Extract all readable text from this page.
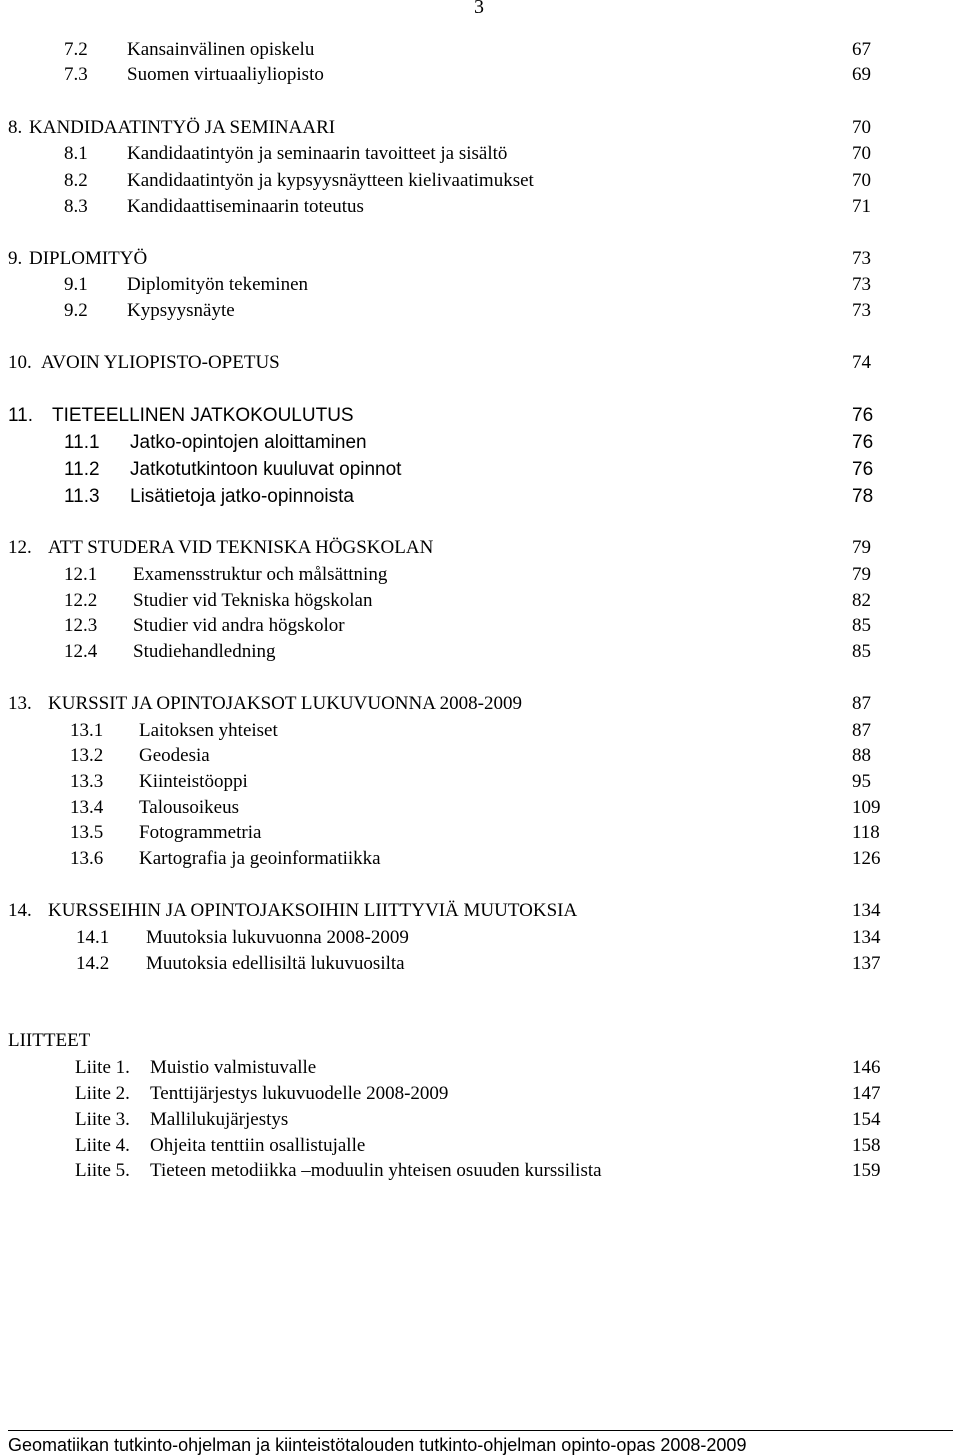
3
7.2 Kansainvälinen opiskelu	67
7.3 Suomen virtuaaliyliopisto	69
8. KANDIDAATINTYÖ JA SEMINAARI	70
8.1 Kandidaatintyön ja seminaarin tavoitteet ja sisältö	70
8.2 Kandidaatintyön ja kypsyysnäytteen kielivaatimukset	70
8.3 Kandidaattiseminaarin toteutus	71
9. DIPLOMITYÖ	73
9.1 Diplomityön tekeminen	73
9.2 Kypsyysnäyte	73
10. AVOIN YLIOPISTO-OPETUS	74
11. TIETEELLINEN JATKOKOULUTUS	76
11.1 Jatko-opintojen aloittaminen	76
11.2 Jatkotutkintoon kuuluvat opinnot	76
11.3 Lisätietoja jatko-opinnoista	78
12. ATT STUDERA VID TEKNISKA HÖGSKOLAN	79
12.1 Examensstruktur och målsättning	79
12.2 Studier vid Tekniska högskolan	82
12.3 Studier vid andra högskolor	85
12.4 Studiehandledning	85
13. KURSSIT JA OPINTOJAKSOT LUKUVUONNA 2008-2009	87
13.1 Laitoksen yhteiset	87
13.2 Geodesia	88
13.3 Kiinteistöoppi	95
13.4 Talousoikeus	109
13.5 Fotogrammetria	118
13.6 Kartografia ja geoinformatiikka	126
14. KURSSEIHIN JA OPINTOJAKSOIHIN LIITTYVIÄ MUUTOKSIA	134
14.1 Muutoksia lukuvuonna 2008-2009	134
14.2 Muutoksia edellisiltä lukuvuosilta	137
LIITTEET
Liite 1. Muistio valmistuvalle	146
Liite 2. Tenttijärjestys lukuvuodelle 2008-2009	147
Liite 3. Mallilukujärjestys	154
Liite 4. Ohjeita tenttiin osallistujalle	158
Liite 5. Tieteen metodiikka –moduulin yhteisen osuuden kurssilista	159
Geomatiikan tutkinto-ohjelman ja kiinteistötalouden tutkinto-ohjelman opinto-opas 2008-2009
